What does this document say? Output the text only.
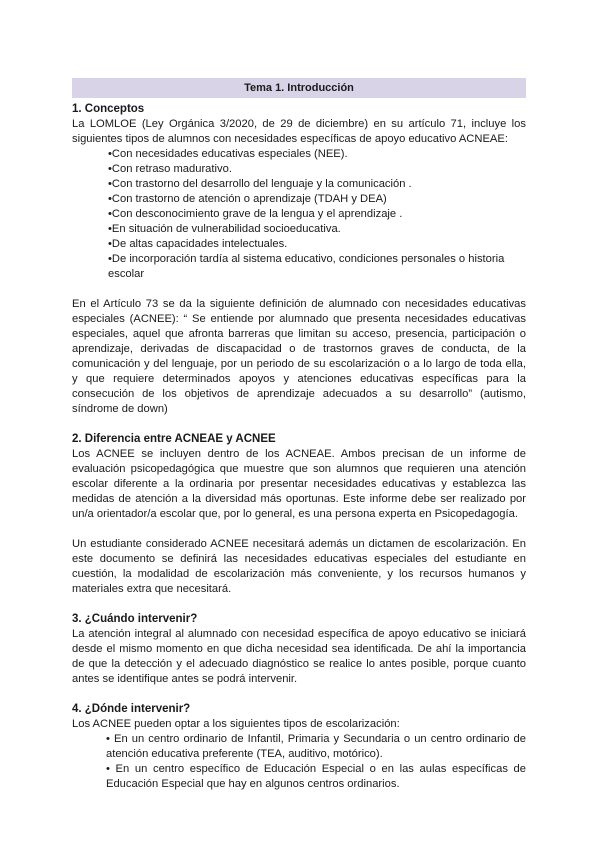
Tema 1. Introducción
1. Conceptos

La LOMLOE (Ley Orgánica 3/2020, de 29 de diciembre) en su artículo 71, incluye los siguientes tipos de alumnos con necesidades específicas de apoyo educativo ACNEAE:

•Con necesidades educativas especiales (NEE).
•Con retraso madurativo.
•Con trastorno del desarrollo del lenguaje y la comunicación .
•Con trastorno de atención o aprendizaje (TDAH y DEA)
•Con desconocimiento grave de la lengua y el aprendizaje .
•En situación de vulnerabilidad socioeducativa.
•De altas capacidades intelectuales.
•De incorporación tardía al sistema educativo, condiciones personales o historia escolar

En el Artículo 73 se da la siguiente definición de alumnado con necesidades educativas especiales (ACNEE): “ Se entiende por alumnado que presenta necesidades educativas especiales, aquel que afronta barreras que limitan su acceso, presencia, participación o aprendizaje, derivadas de discapacidad o de trastornos graves de conducta, de la comunicación y del lenguaje, por un periodo de su escolarización o a lo largo de toda ella, y que requiere determinados apoyos y atenciones educativas específicas para la consecución de los objetivos de aprendizaje adecuados a su desarrollo” (autismo, síndrome de down)

2. Diferencia entre ACNEAE y ACNEE

Los ACNEE se incluyen dentro de los ACNEAE. Ambos precisan de un informe de evaluación psicopedagógica que muestre que son alumnos que requieren una atención escolar diferente a la ordinaria por presentar necesidades educativas y establezca las medidas de atención a la diversidad más oportunas. Este informe debe ser realizado por un/a orientador/a escolar que, por lo general, es una persona experta en Psicopedagogía.

Un estudiante considerado ACNEE necesitará además un dictamen de escolarización. En este documento se definirá las necesidades educativas especiales del estudiante en cuestión, la modalidad de escolarización más conveniente, y los recursos humanos y materiales extra que necesitará.

3. ¿Cuándo intervenir?

La atención integral al alumnado con necesidad específica de apoyo educativo se iniciará desde el mismo momento en que dicha necesidad sea identificada. De ahí la importancia de que la detección y el adecuado diagnóstico se realice lo antes posible, porque cuanto antes se identifique antes se podrá intervenir.

4. ¿Dónde intervenir?

Los ACNEE pueden optar a los siguientes tipos de escolarización:

• En un centro ordinario de Infantil, Primaria y Secundaria o un centro ordinario de atención educativa preferente (TEA, auditivo, motórico).
• En un centro específico de Educación Especial o en las aulas específicas de Educación Especial que hay en algunos centros ordinarios.
